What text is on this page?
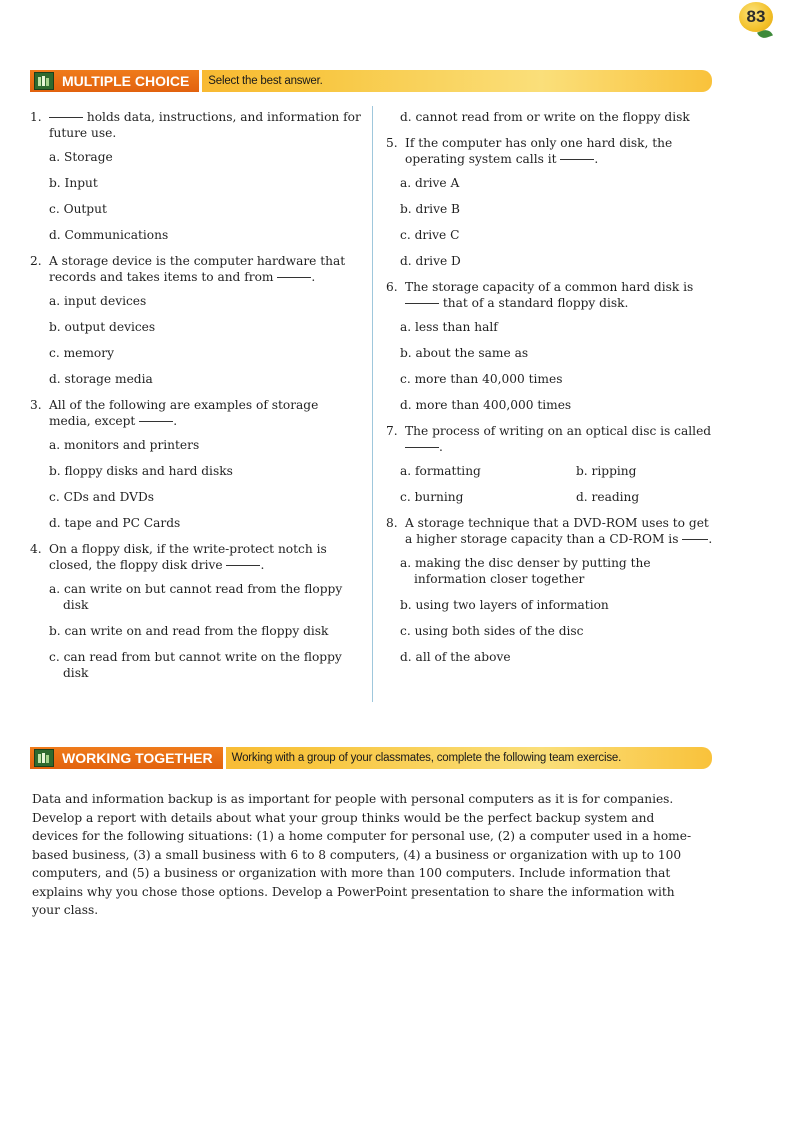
83
MULTIPLE CHOICE Select the best answer.
1.	holds data, instructions, and information for future use.
a. Storage
b. Input
c. Output
d. Communications
2. A storage device is the computer hardware that records and takes items to and from	.
a. input devices
b. output devices
c. memory
d. storage media
3. All of the following are examples of storage media, except	.
a. monitors and printers
b. floppy disks and hard disks
c. CDs and DVDs
d. tape and PC Cards
4. On a floppy disk, if the write-protect notch is closed, the floppy disk drive	.
a. can write on but cannot read from the floppy disk
b. can write on and read from the floppy disk
c. can read from but cannot write on the floppy disk
d. cannot read from or write on the floppy disk
5. If the computer has only one hard disk, the operating system calls it	.
a. drive A
b. drive B
c. drive C
d. drive D
6. The storage capacity of a common hard disk is
that of a standard floppy disk.
a. less than half
b. about the same as
c. more than 40,000 times
d. more than 400,000 times
7. The process of writing on an optical disc is called
.
a. formatting	b. ripping
c. burning	d. reading
8. A storage technique that a DVD-ROM uses to get a higher storage capacity than a CD-ROM is .
a. making the disc denser by putting the information closer together
b. using two layers of information
c. using both sides of the disc
d. all of the above
WORKING TOGETHER Working with a group of your classmates, complete the following team exercise.
Data and information backup is as important for people with personal computers as it is for companies. Develop a report with details about what your group thinks would be the perfect backup system and devices for the following situations: (1) a home computer for personal use, (2) a computer used in a home-based business, (3) a small business with 6 to 8 computers, (4) a business or organization with up to 100 computers, and (5) a business or organization with more than 100 computers. Include information that explains why you chose those options. Develop a PowerPoint presentation to share the information with your class.
